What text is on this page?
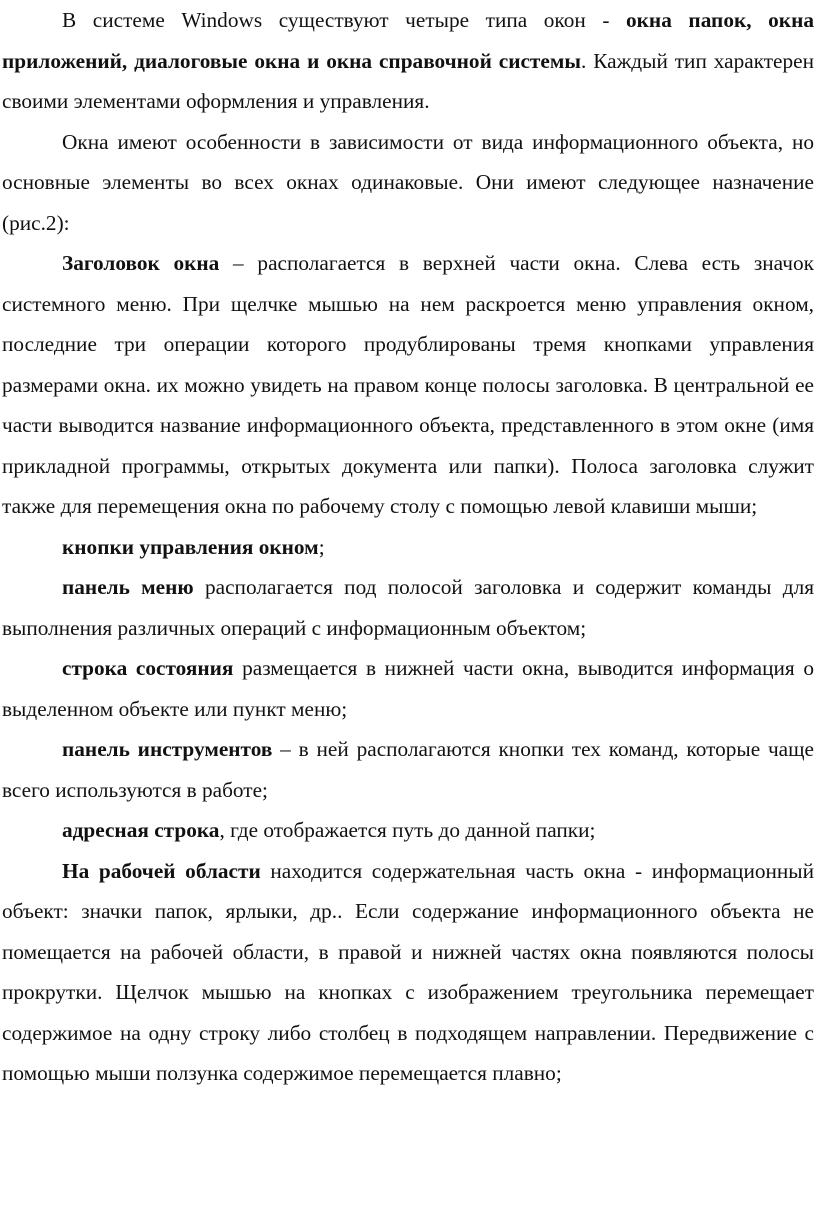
В системе Windows существуют четыре типа окон - окна папок, окна приложений, диалоговые окна и окна справочной системы. Каждый тип характерен своими элементами оформления и управления.

Окна имеют особенности в зависимости от вида информационного объекта, но основные элементы во всех окнах одинаковые. Они имеют следующее назначение (рис.2):

Заголовок окна – располагается в верхней части окна. Слева есть значок системного меню. При щелчке мышью на нем раскроется меню управления окном, последние три операции которого продублированы тремя кнопками управления размерами окна. их можно увидеть на правом конце полосы заголовка. В центральной ее части выводится название информационного объекта, представленного в этом окне (имя прикладной программы, открытых документа или папки). Полоса заголовка служит также для перемещения окна по рабочему столу с помощью левой клавиши мыши;

кнопки управления окном;

панель меню располагается под полосой заголовка и содержит команды для выполнения различных операций с информационным объектом;

строка состояния размещается в нижней части окна, выводится информация о выделенном объекте или пункт меню;

панель инструментов – в ней располагаются кнопки тех команд, которые чаще всего используются в работе;

адресная строка, где отображается путь до данной папки;

На рабочей области находится содержательная часть окна - информационный объект: значки папок, ярлыки, др.. Если содержание информационного объекта не помещается на рабочей области, в правой и нижней частях окна появляются полосы прокрутки. Щелчок мышью на кнопках с изображением треугольника перемещает содержимое на одну строку либо столбец в подходящем направлении. Передвижение с помощью мыши ползунка содержимое перемещается плавно;
